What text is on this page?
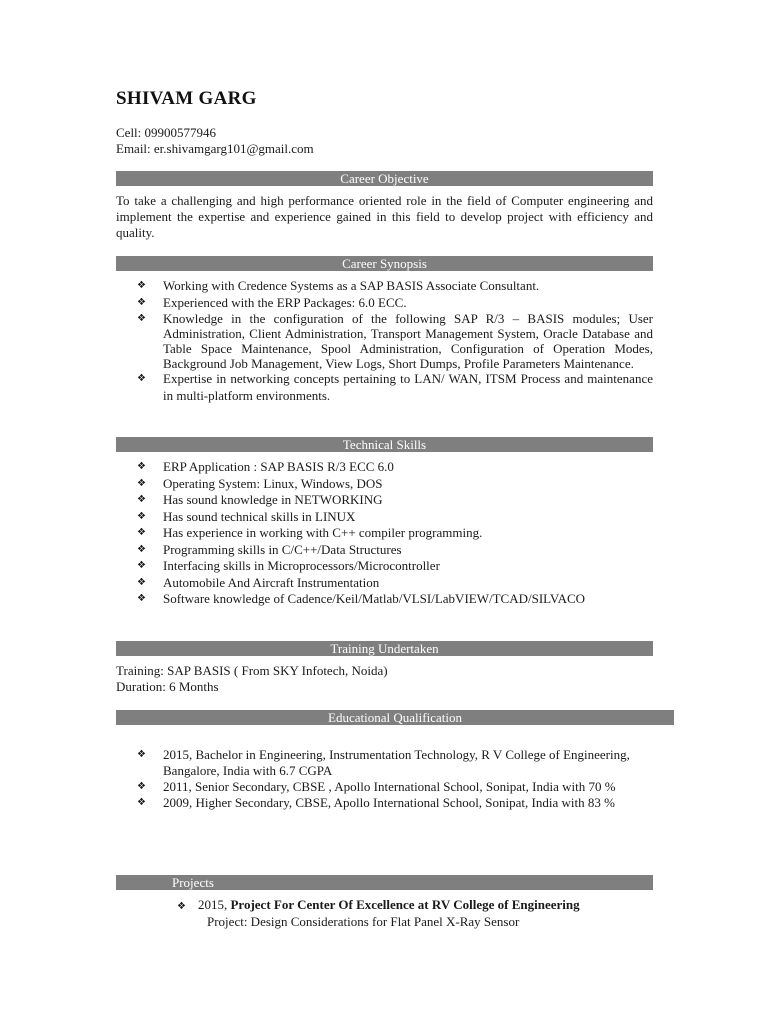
SHIVAM GARG
Cell: 09900577946
Email: er.shivamgarg101@gmail.com
Career Objective
To take a challenging and high performance oriented role in the field of Computer engineering and implement the expertise and experience gained in this field to develop project with efficiency and quality.
Career Synopsis
❖ Working with Credence Systems as a SAP BASIS Associate Consultant.
❖ Experienced with the ERP Packages: 6.0 ECC.
❖ Knowledge in the configuration of the following SAP R/3 – BASIS modules; User Administration, Client Administration, Transport Management System, Oracle Database and Table Space Maintenance, Spool Administration, Configuration of Operation Modes, Background Job Management, View Logs, Short Dumps, Profile Parameters Maintenance.
❖ Expertise in networking concepts pertaining to LAN/ WAN, ITSM Process and maintenance in multi-platform environments.
Technical Skills
❖ ERP Application : SAP BASIS R/3 ECC 6.0
❖ Operating System: Linux, Windows, DOS
❖ Has sound knowledge in NETWORKING
❖ Has sound technical skills in LINUX
❖ Has experience in working with C++ compiler programming.
❖ Programming skills in C/C++/Data Structures
❖ Interfacing skills in Microprocessors/Microcontroller
❖ Automobile And Aircraft Instrumentation
❖ Software knowledge of Cadence/Keil/Matlab/VLSI/LabVIEW/TCAD/SILVACO
Training Undertaken
Training: SAP BASIS ( From SKY Infotech, Noida)
Duration: 6 Months
Educational Qualification
❖ 2015, Bachelor in Engineering, Instrumentation Technology, R V College of Engineering, Bangalore, India with 6.7 CGPA
❖ 2011, Senior Secondary, CBSE , Apollo International School, Sonipat, India with 70 %
❖ 2009, Higher Secondary, CBSE, Apollo International School, Sonipat, India with 83 %
Projects
❖ 2015, Project For Center Of Excellence at RV College of Engineering
Project: Design Considerations for Flat Panel X-Ray Sensor
